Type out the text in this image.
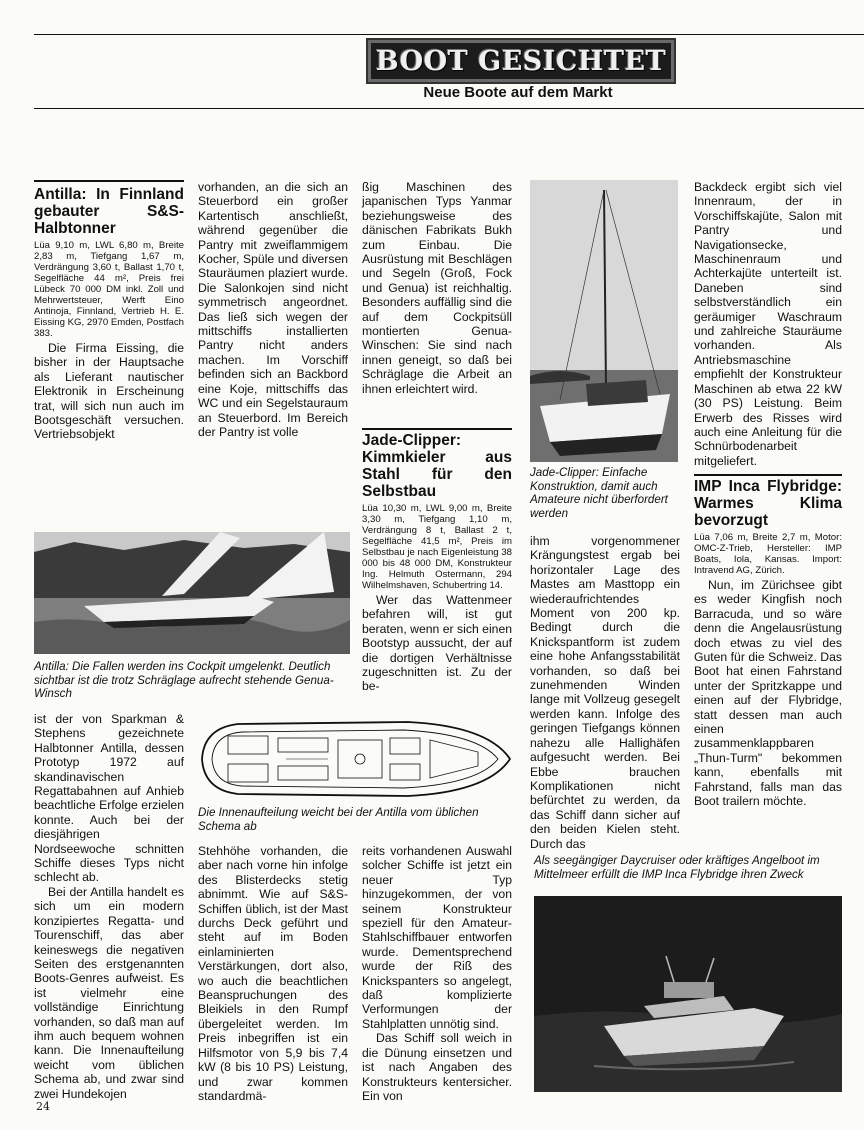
BOOT GESICHTET
Neue Boote auf dem Markt
Antilla: In Finnland gebauter S&S-Halbtonner
Lüa 9,10 m, LWL 6,80 m, Breite 2,83 m, Tiefgang 1,67 m, Verdrängung 3,60 t, Ballast 1,70 t, Segelfläche 44 m², Preis frei Lübeck 70 000 DM inkl. Zoll und Mehrwertsteuer, Werft Eino Antinoja, Finnland, Vertrieb H. E. Eissing KG, 2970 Emden, Postfach 383.

Die Firma Eissing, die bisher in der Hauptsache als Lieferant nautischer Elektronik in Erscheinung trat, will sich nun auch im Bootsgeschäft versuchen. Vertriebsobjekt

vorhanden, an die sich an Steuerbord ein großer Kartentisch anschließt, während gegenüber die Pantry mit zweiflammigem Kocher, Spüle und diversen Stauräumen plaziert wurde. Die Salonkojen sind nicht symmetrisch angeordnet. Das ließ sich wegen der mittschiffs installierten Pantry nicht anders machen. Im Vorschiff befinden sich an Backbord eine Koje, mittschiffs das WC und ein Segelstauraum an Steuerbord. Im Bereich der Pantry ist volle

ßig Maschinen des japanischen Typs Yanmar beziehungsweise des dänischen Fabrikats Bukh zum Einbau. Die Ausrüstung mit Beschlägen und Segeln (Groß, Fock und Genua) ist reichhaltig. Besonders auffällig sind die auf dem Cockpitsüll montierten Genua-Winschen: Sie sind nach innen geneigt, so daß bei Schräglage die Arbeit an ihnen erleichtert wird.

Jade-Clipper: Kimmkieler aus Stahl für den Selbstbau
Lüa 10,30 m, LWL 9,00 m, Breite 3,30 m, Tiefgang 1,10 m, Verdrängung 8 t, Ballast 2 t, Segelfläche 41,5 m², Preis im Selbstbau je nach Eigenleistung 38 000 bis 48 000 DM, Konstrukteur Ing. Helmuth Ostermann, 294 Wilhelmshaven, Schubertring 14.

Wer das Wattenmeer befahren will, ist gut beraten, wenn er sich einen Bootstyp aussucht, der auf die dortigen Verhältnisse zugeschnitten ist. Zu der be-

Antilla: Die Fallen werden ins Cockpit umgelenkt. Deutlich sichtbar ist die trotz Schräglage aufrecht stehende Genua-Winsch
Die Innenaufteilung weicht bei der Antilla vom üblichen Schema ab

ist der von Sparkman & Stephens gezeichnete Halbtonner Antilla, dessen Prototyp 1972 auf skandinavischen Regattabahnen auf Anhieb beachtliche Erfolge erzielen konnte. Auch bei der diesjährigen Nordseewoche schnitten Schiffe dieses Typs nicht schlecht ab.

Bei der Antilla handelt es sich um ein modern konzipiertes Regatta- und Tourenschiff, das aber keineswegs die negativen Seiten des erstgenannten Boots-Genres aufweist. Es ist vielmehr eine vollständige Einrichtung vorhanden, so daß man auf ihm auch bequem wohnen kann. Die Innenaufteilung weicht vom üblichen Schema ab, und zwar sind zwei Hundekojen

Stehhöhe vorhanden, die aber nach vorne hin infolge des Blisterdecks stetig abnimmt. Wie auf S&S-Schiffen üblich, ist der Mast durchs Deck geführt und steht auf im Boden einlaminierten Verstärkungen, dort also, wo auch die beachtlichen Beanspruchungen des Bleikiels in den Rumpf übergeleitet werden. Im Preis inbegriffen ist ein Hilfsmotor von 5,9 bis 7,4 kW (8 bis 10 PS) Leistung, und zwar kommen standardmä-

reits vorhandenen Auswahl solcher Schiffe ist jetzt ein neuer Typ hinzugekommen, der von seinem Konstrukteur speziell für den Amateur-Stahlschiffbauer entworfen wurde. Dementsprechend wurde der Riß des Knickspanters so angelegt, daß komplizierte Verformungen der Stahlplatten unnötig sind.

Das Schiff soll weich in die Dünung einsetzen und ist nach Angaben des Konstrukteurs kentersicher. Ein von

Jade-Clipper: Einfache Konstruktion, damit auch Amateure nicht überfordert werden

ihm vorgenommener Krängungstest ergab bei horizontaler Lage des Mastes am Masttopp ein wiederaufrichtendes Moment von 200 kp. Bedingt durch die Knickspantform ist zudem eine hohe Anfangsstabilität vorhanden, so daß bei zunehmenden Winden lange mit Vollzeug gesegelt werden kann. Infolge des geringen Tiefgangs können nahezu alle Hallighäfen aufgesucht werden. Bei Ebbe brauchen Komplikationen nicht befürchtet zu werden, da das Schiff dann sicher auf den beiden Kielen steht. Durch das

Backdeck ergibt sich viel Innenraum, der in Vorschiffskajüte, Salon mit Pantry und Navigationsecke, Maschinenraum und Achterkajüte unterteilt ist. Daneben sind selbstverständlich ein geräumiger Waschraum und zahlreiche Stauräume vorhanden. Als Antriebsmaschine empfiehlt der Konstrukteur Maschinen ab etwa 22 kW (30 PS) Leistung. Beim Erwerb des Risses wird auch eine Anleitung für die Schnürbodenarbeit mitgeliefert.

IMP Inca Flybridge: Warmes Klima bevorzugt
Lüa 7,06 m, Breite 2,7 m, Motor: OMC-Z-Trieb, Hersteller: IMP Boats, Iola, Kansas. Import: Intravend AG, Zürich.

Nun, im Zürichsee gibt es weder Kingfish noch Barracuda, und so wäre denn die Angelausrüstung doch etwas zu viel des Guten für die Schweiz. Das Boot hat einen Fahrstand unter der Spritzkappe und einen auf der Flybridge, statt dessen man auch einen zusammenklappbaren „Thun-Turm" bekommen kann, ebenfalls mit Fahrstand, falls man das Boot trailern möchte.

Als seegängiger Daycruiser oder kräftiges Angelboot im Mittelmeer erfüllt die IMP Inca Flybridge ihren Zweck
24
